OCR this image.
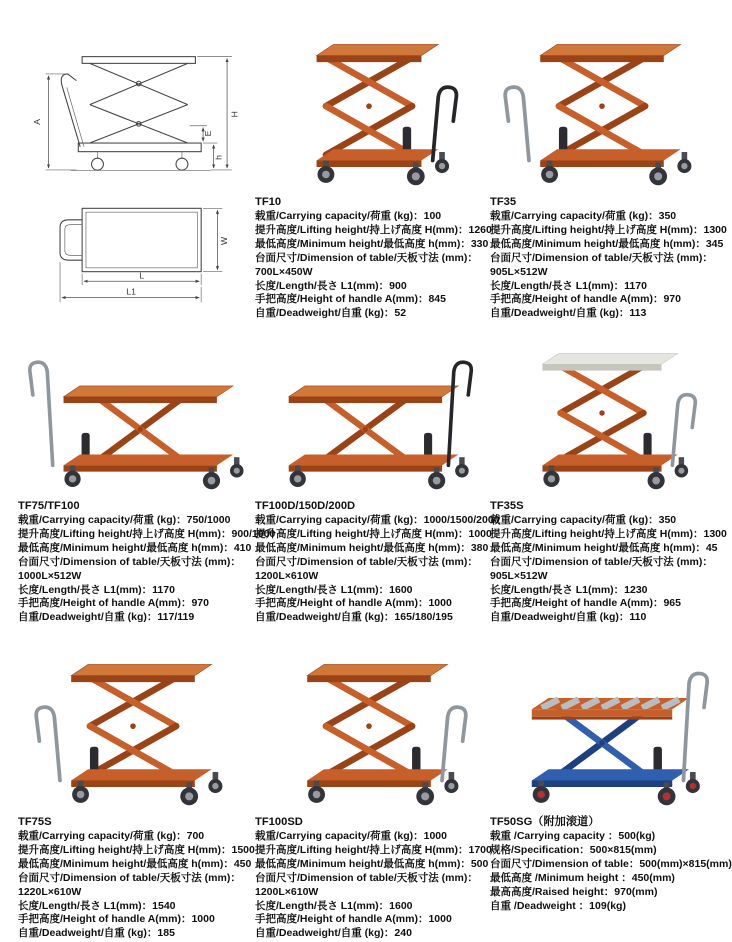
A
H
E
h
W
L
L1
TF10
载重/Carrying capacity/荷重 (kg)：100
提升高度/Lifting height/持上げ高度 H(mm)：1260
最低高度/Minimum height/最低高度 h(mm)：330
台面尺寸/Dimension of table/天板寸法 (mm)：
700L×450W
长度/Length/長さ L1(mm)：900
手把高度/Height of handle A(mm)：845
自重/Deadweight/自重 (kg)：52
TF35
载重/Carrying capacity/荷重 (kg)：350
提升高度/Lifting height/持上げ高度 H(mm)：1300
最低高度/Minimum height/最低高度 h(mm)：345
台面尺寸/Dimension of table/天板寸法 (mm)：
905L×512W
长度/Length/長さ L1(mm)：1170
手把高度/Height of handle A(mm)：970
自重/Deadweight/自重 (kg)：113
TF75/TF100
载重/Carrying capacity/荷重 (kg)：750/1000
提升高度/Lifting height/持上げ高度 H(mm)：900/1000
最低高度/Minimum height/最低高度 h(mm)：410
台面尺寸/Dimension of table/天板寸法 (mm)：
1000L×512W
长度/Length/長さ L1(mm)：1170
手把高度/Height of handle A(mm)：970
自重/Deadweight/自重 (kg)：117/119
TF100D/150D/200D
载重/Carrying capacity/荷重 (kg)：1000/1500/2000
提升高度/Lifting height/持上げ高度 H(mm)：1000
最低高度/Minimum height/最低高度 h(mm)：380
台面尺寸/Dimension of table/天板寸法 (mm)：
1200L×610W
长度/Length/長さ L1(mm)：1600
手把高度/Height of handle A(mm)：1000
自重/Deadweight/自重 (kg)：165/180/195
TF35S
载重/Carrying capacity/荷重 (kg)：350
提升高度/Lifting height/持上げ高度 H(mm)：1300
最低高度/Minimum height/最低高度 h(mm)：45
台面尺寸/Dimension of table/天板寸法 (mm)：
905L×512W
长度/Length/長さ L1(mm)：1230
手把高度/Height of handle A(mm)：965
自重/Deadweight/自重 (kg)：110
TF75S
载重/Carrying capacity/荷重 (kg)：700
提升高度/Lifting height/持上げ高度 H(mm)：1500
最低高度/Minimum height/最低高度 h(mm)：450
台面尺寸/Dimension of table/天板寸法 (mm)：
1220L×610W
长度/Length/長さ L1(mm)：1540
手把高度/Height of handle A(mm)：1000
自重/Deadweight/自重 (kg)：185
TF100SD
载重/Carrying capacity/荷重 (kg)：1000
提升高度/Lifting height/持上げ高度 H(mm)：1700
最低高度/Minimum height/最低高度 h(mm)：500
台面尺寸/Dimension of table/天板寸法 (mm)：
1200L×610W
长度/Length/長さ L1(mm)：1600
手把高度/Height of handle A(mm)：1000
自重/Deadweight/自重 (kg)：240
TF50SG（附加滚道）
载重 /Carrying capacity ：500(kg)
规格/Specification：500×815(mm)
台面尺寸/Dimension of table：500(mm)×815(mm)
最低高度 /Minimum height ：450(mm)
最高高度/Raised height：970(mm)
自重 /Deadweight ：109(kg)
